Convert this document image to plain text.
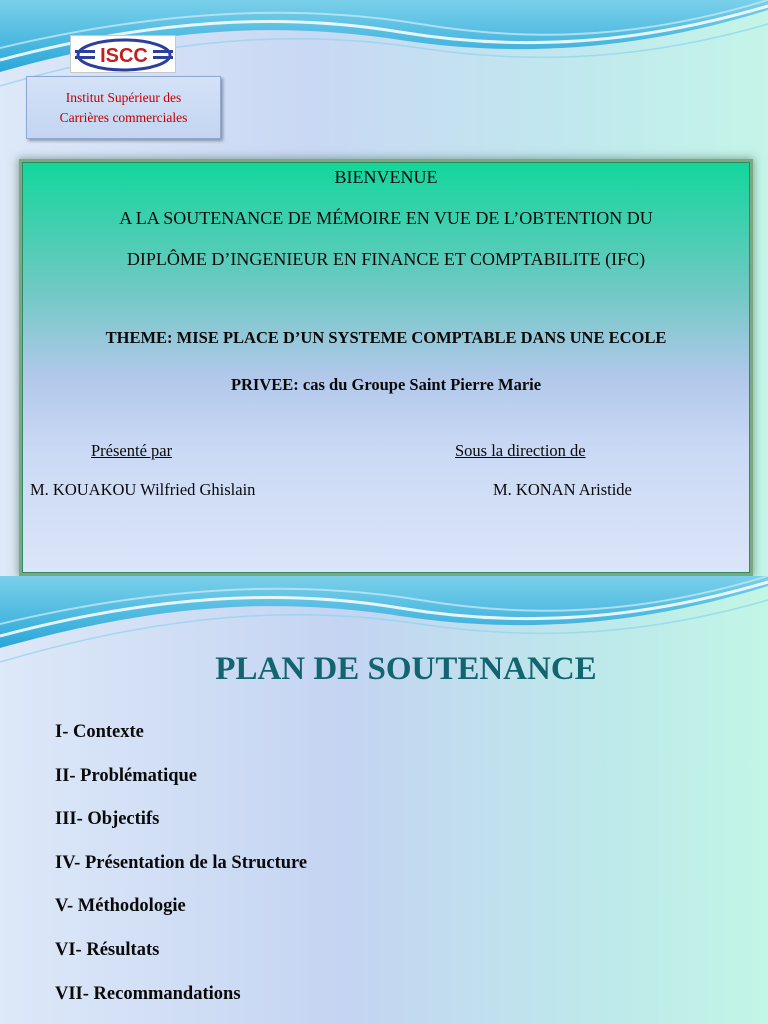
ISCC
Institut Supérieur des
Carrières commerciales
BIENVENUE
A LA SOUTENANCE DE MÉMOIRE EN VUE DE L’OBTENTION DU
DIPLÔME D’INGENIEUR EN FINANCE ET COMPTABILITE (IFC)
THEME: MISE PLACE D’UN SYSTEME COMPTABLE DANS UNE ECOLE
PRIVEE: cas du Groupe Saint Pierre Marie
Présenté par
M. KOUAKOU Wilfried Ghislain
Sous la direction de
M. KONAN Aristide
PLAN DE SOUTENANCE
I- Contexte
II- Problématique
III- Objectifs
IV- Présentation de la Structure
V- Méthodologie
VI- Résultats
VII- Recommandations
